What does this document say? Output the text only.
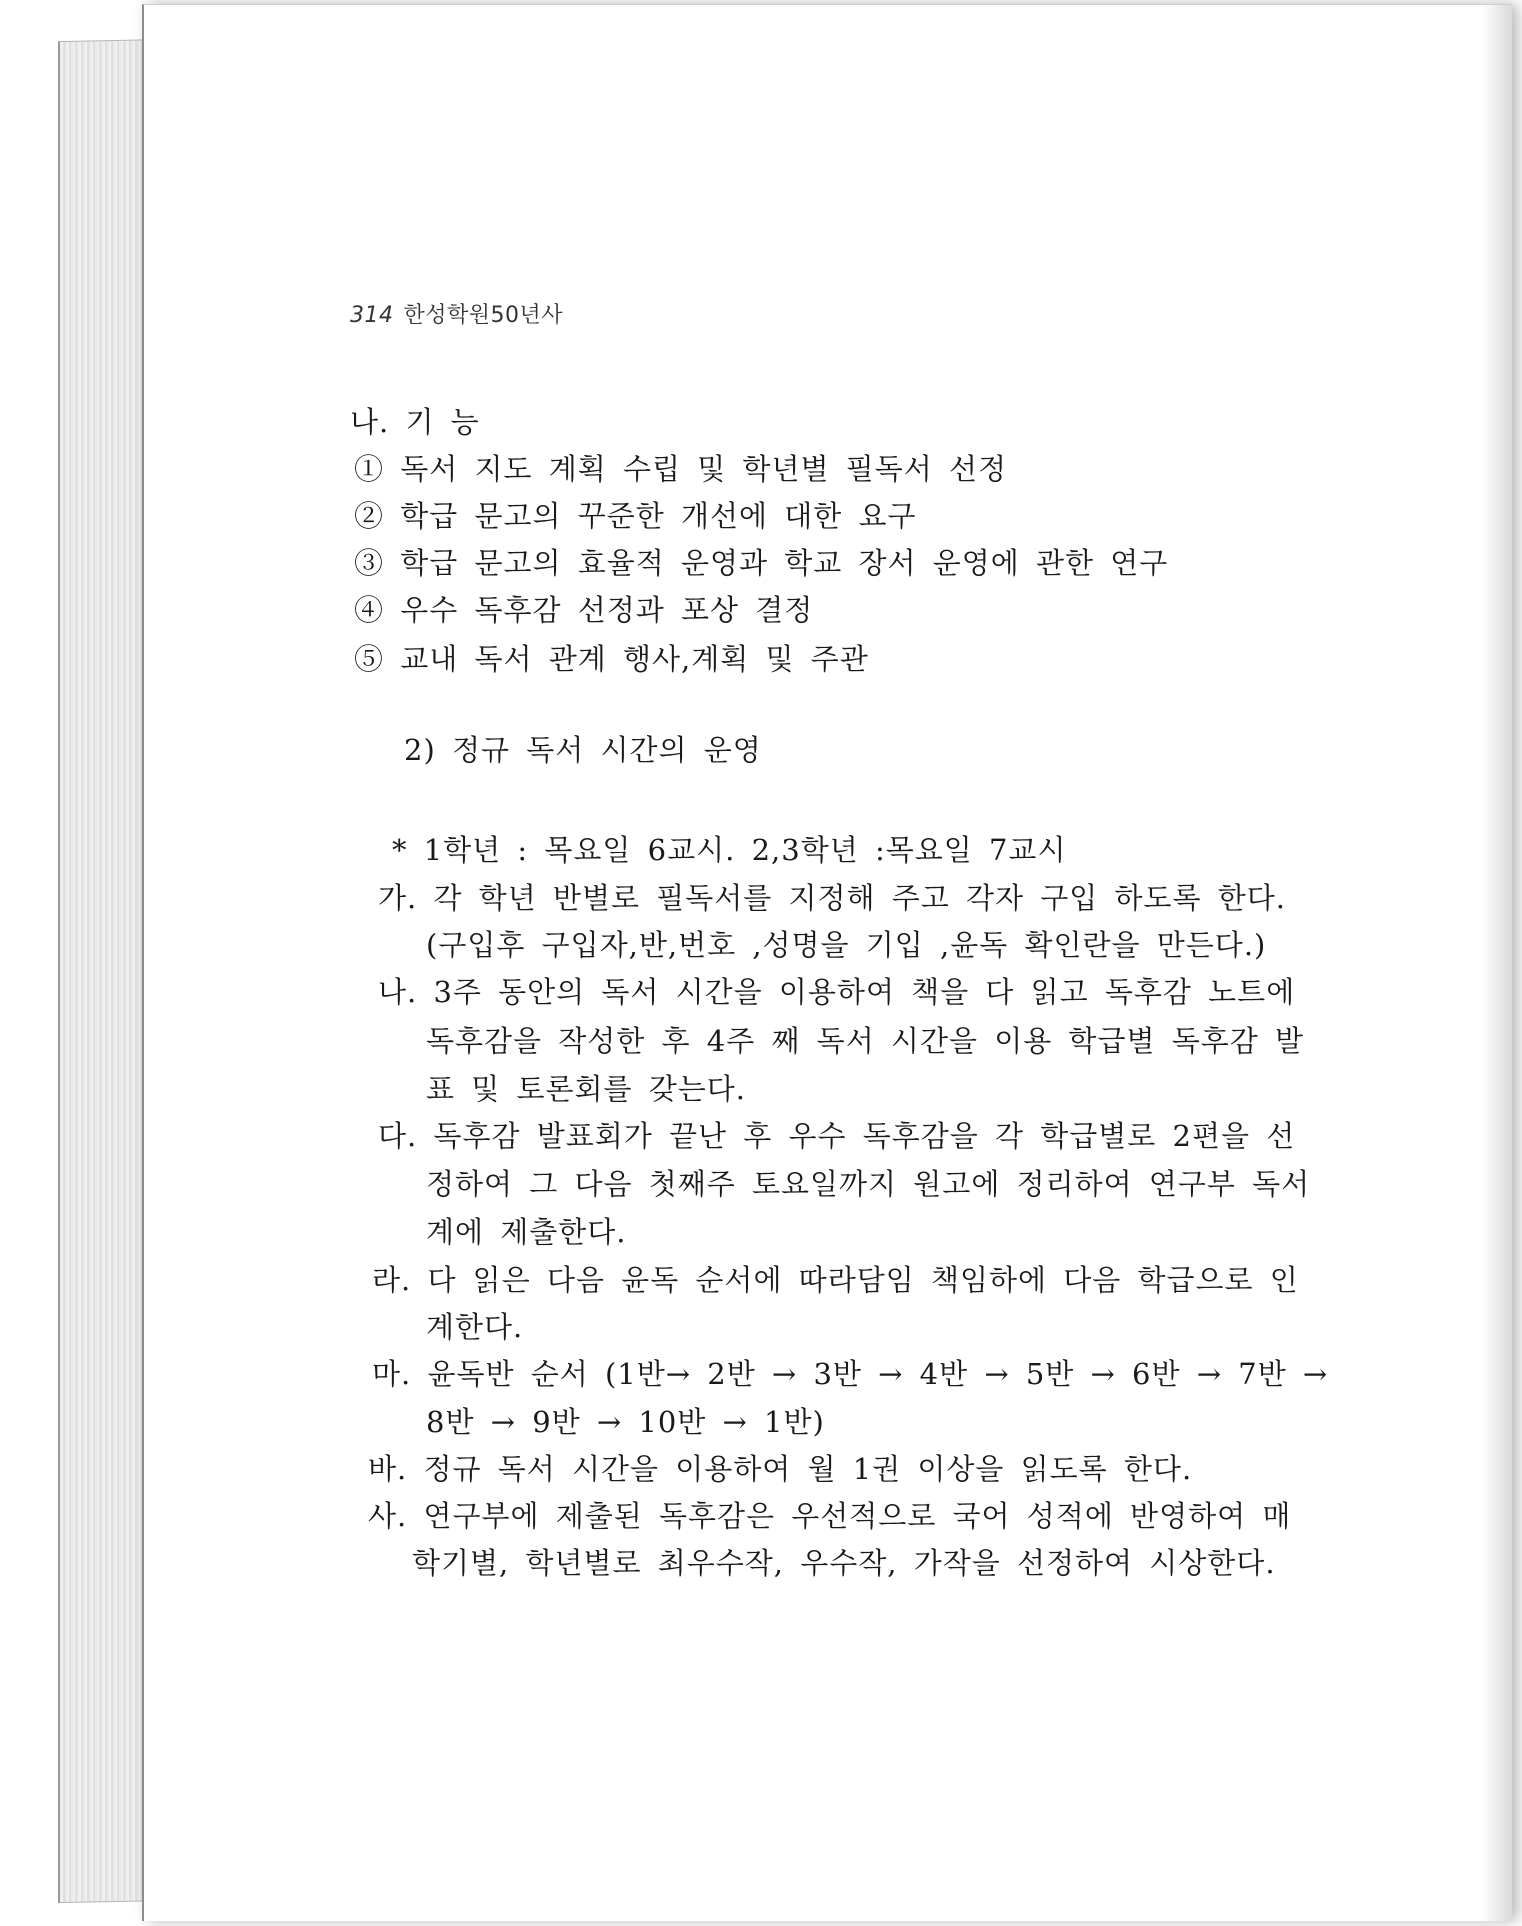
314 한성학원50년사
나. 기 능
① 독서 지도 계획 수립 및 학년별 필독서 선정
② 학급 문고의 꾸준한 개선에 대한 요구
③ 학급 문고의 효율적 운영과 학교 장서 운영에 관한 연구
④ 우수 독후감 선정과 포상 결정
⑤ 교내 독서 관계 행사,계획 및 주관
2) 정규 독서 시간의 운영
* 1학년 : 목요일 6교시. 2,3학년 :목요일 7교시
가. 각 학년 반별로 필독서를 지정해 주고 각자 구입 하도록 한다.
(구입후 구입자,반,번호 ,성명을 기입 ,윤독 확인란을 만든다.)
나. 3주 동안의 독서 시간을 이용하여 책을 다 읽고 독후감 노트에
독후감을 작성한 후 4주 째 독서 시간을 이용 학급별 독후감 발
표 및 토론회를 갖는다.
다. 독후감 발표회가 끝난 후 우수 독후감을 각 학급별로 2편을 선
정하여 그 다음 첫째주 토요일까지 원고에 정리하여 연구부 독서
계에 제출한다.
라. 다 읽은 다음 윤독 순서에 따라담임 책임하에 다음 학급으로 인
계한다.
마. 윤독반 순서 (1반→ 2반 → 3반 → 4반 → 5반 → 6반 → 7반 →
8반 → 9반 → 10반 → 1반)
바. 정규 독서 시간을 이용하여 월 1권 이상을 읽도록 한다.
사. 연구부에 제출된 독후감은 우선적으로 국어 성적에 반영하여 매
학기별, 학년별로 최우수작, 우수작, 가작을 선정하여 시상한다.
